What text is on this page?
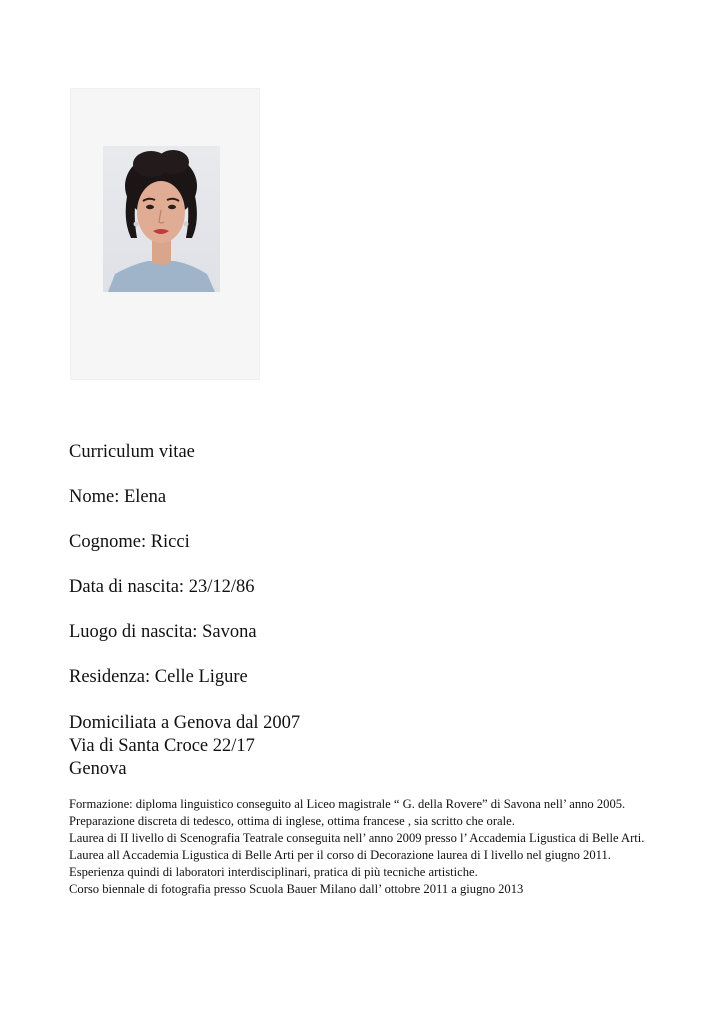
Curriculum vitae
Nome: Elena
Cognome: Ricci
Data di nascita: 23/12/86
Luogo di nascita: Savona
Residenza: Celle Ligure
Domiciliata a Genova dal 2007
Via di Santa Croce 22/17
Genova

Formazione: diploma linguistico conseguito al Liceo magistrale “ G. della Rovere” di Savona nell’ anno 2005.

Preparazione discreta di tedesco, ottima di inglese, ottima francese , sia scritto che orale.

Laurea di II livello di Scenografia Teatrale conseguita nell’ anno 2009 presso l’ Accademia Ligustica di Belle Arti.

Laurea all Accademia Ligustica di Belle Arti per il corso di Decorazione laurea di I livello nel giugno 2011.

Esperienza quindi di laboratori interdisciplinari, pratica di più tecniche artistiche.

Corso biennale di fotografia presso Scuola Bauer Milano dall’ ottobre 2011 a giugno 2013
